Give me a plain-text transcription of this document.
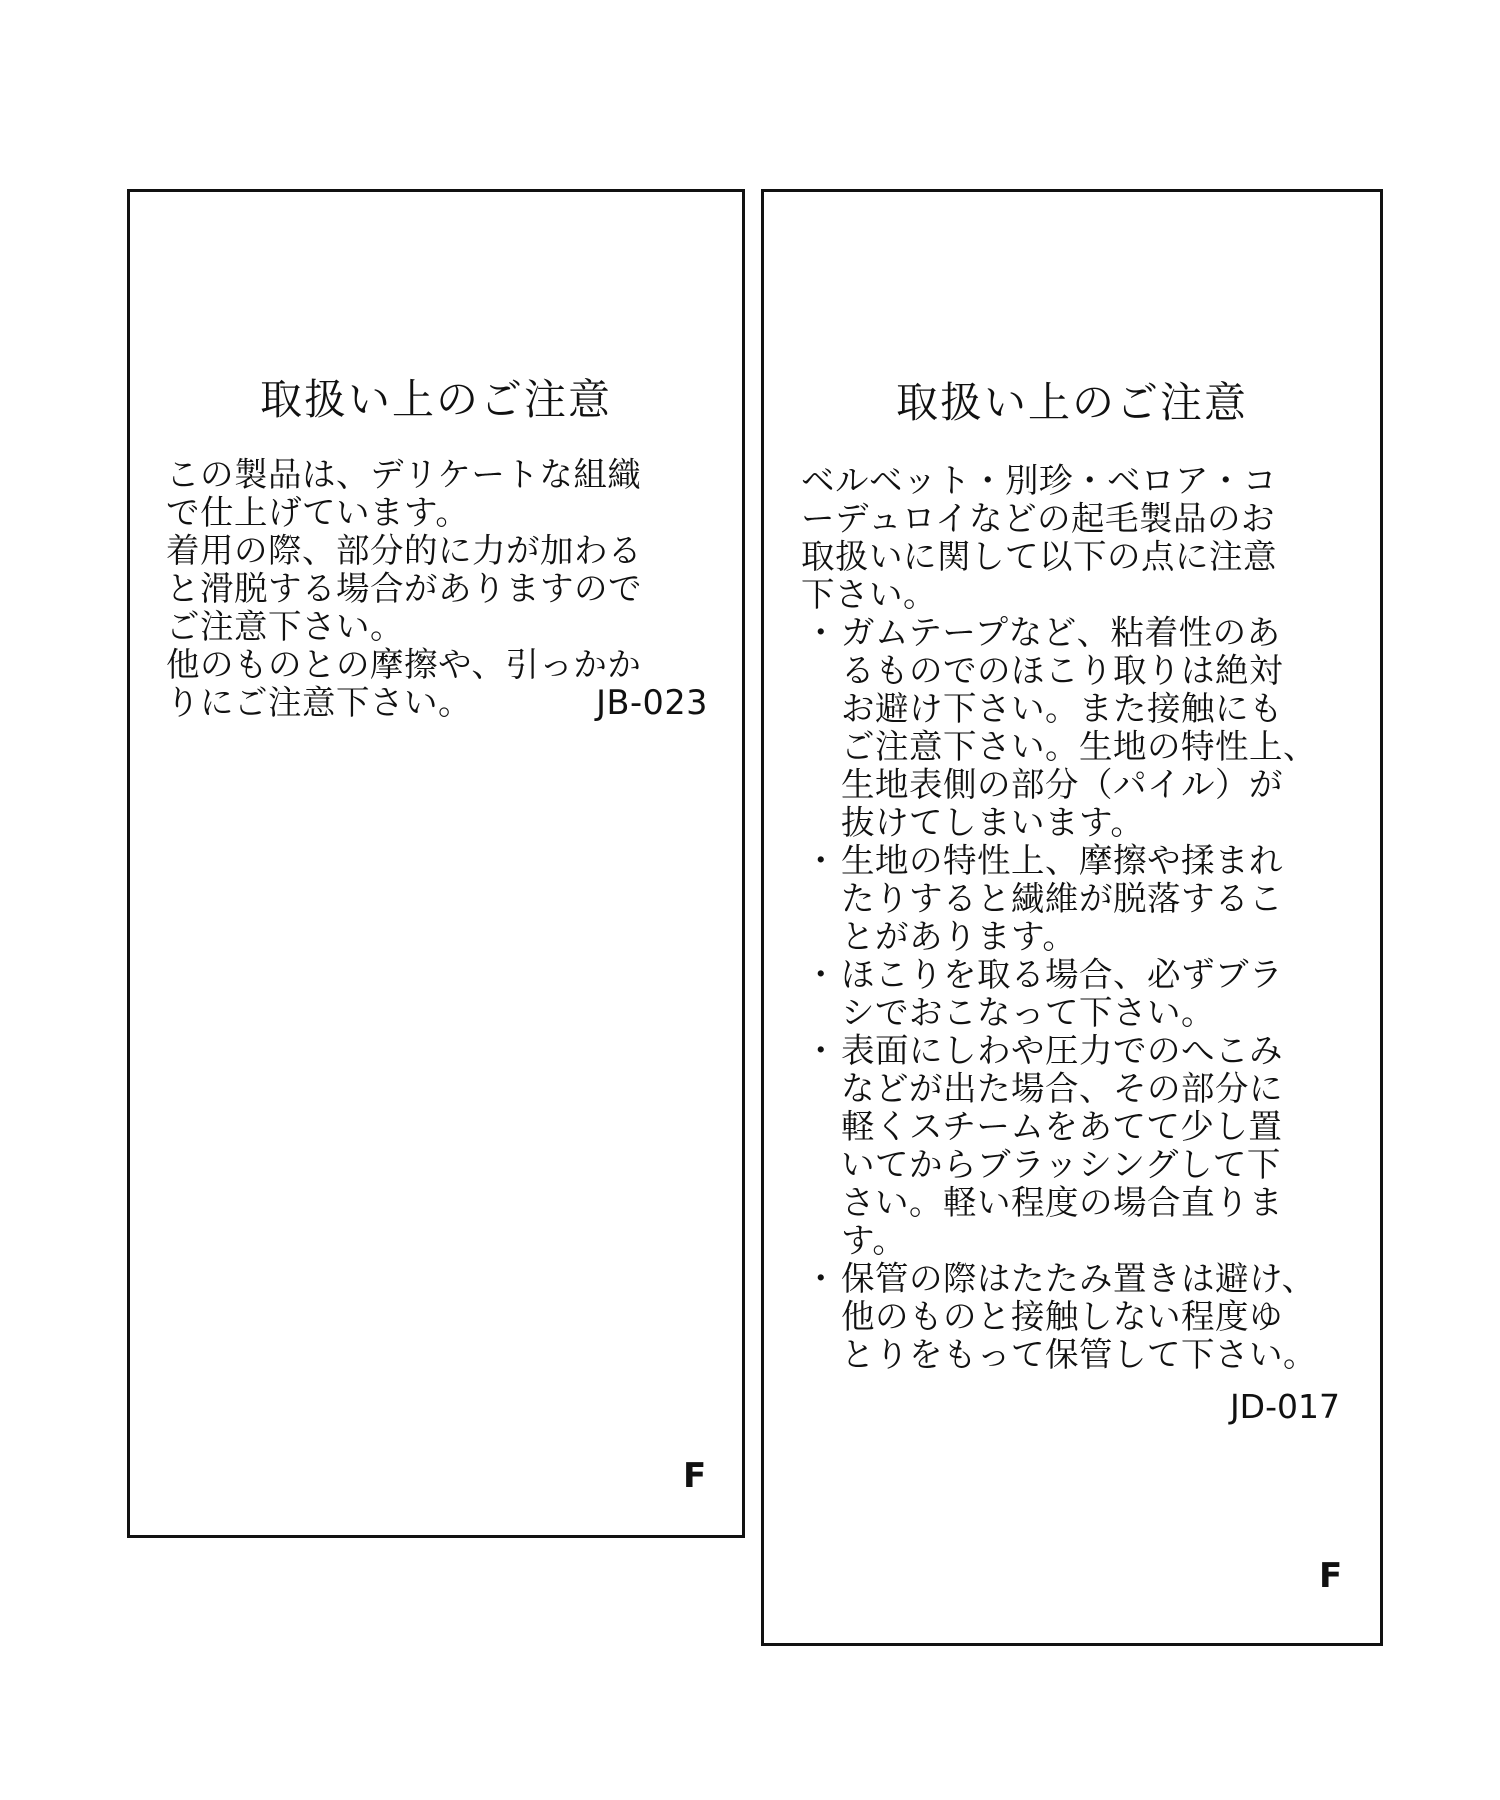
取扱い上のご注意
この製品は、デリケートな組織
で仕上げています。
着用の際、部分的に力が加わる
と滑脱する場合がありますので
ご注意下さい。
他のものとの摩擦や、引っかか
りにご注意下さい。	JB-023
F
取扱い上のご注意
ベルベット・別珍・ベロア・コ
ーデュロイなどの起毛製品のお
取扱いに関して以下の点に注意
下さい。
・ ガムテープなど、粘着性のあ
るものでのほこり取りは絶対
お避け下さい。また接触にも
ご注意下さい。生地の特性上、
生地表側の部分（パイル）が
抜けてしまいます。
・ 生地の特性上、摩擦や揉まれ
たりすると繊維が脱落するこ
とがあります。
・ ほこりを取る場合、必ずブラ
シでおこなって下さい。
・ 表面にしわや圧力でのへこみ
などが出た場合、その部分に
軽くスチームをあてて少し置
いてからブラッシングして下
さい。軽い程度の場合直りま
す。
・ 保管の際はたたみ置きは避け、
他のものと接触しない程度ゆ
とりをもって保管して下さい。
JD-017
F
